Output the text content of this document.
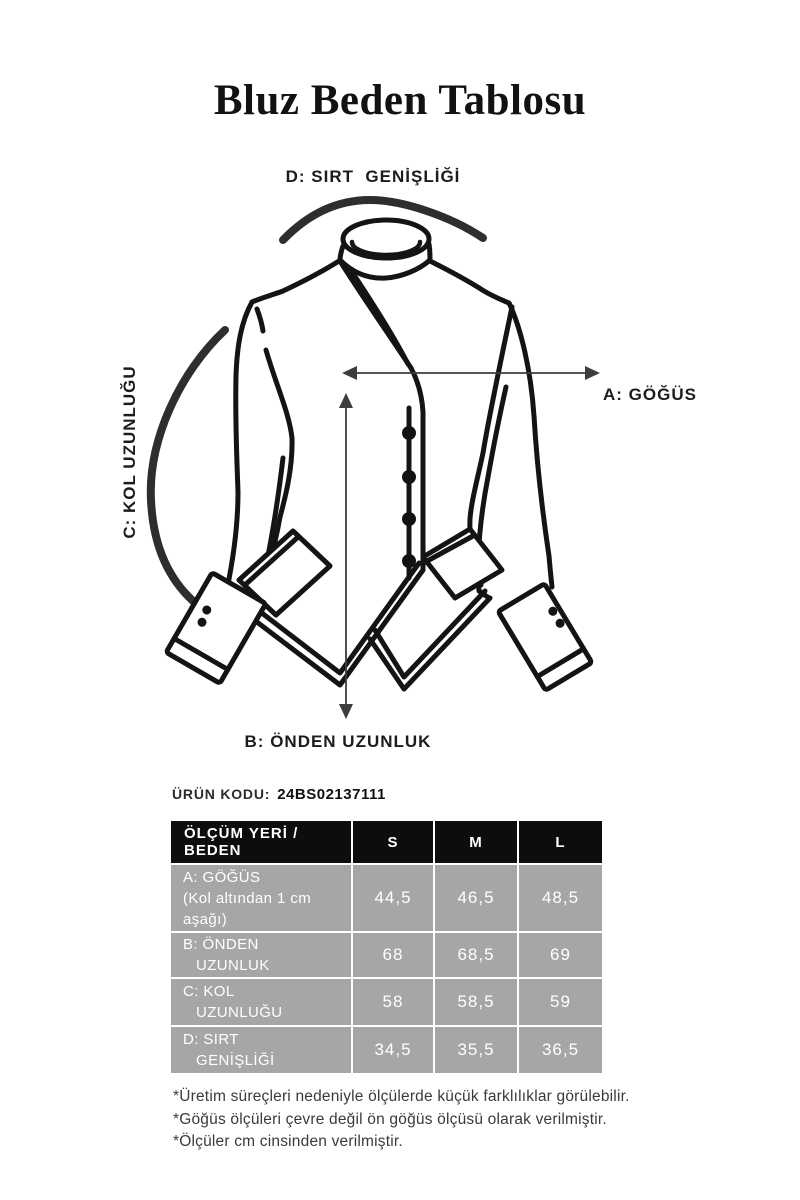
Bluz Beden Tablosu
D: SIRT  GENİŞLİĞİ
A: GÖĞÜS
C: KOL UZUNLUĞU
B: ÖNDEN UZUNLUK
ÜRÜN KODU: 24BS02137111
ÖLÇÜM YERİ / BEDEN	S	M	L
A: GÖĞÜS
(Kol altından 1 cm aşağı)
44,5	46,5	48,5
B: ÖNDEN
UZUNLUK
68	68,5	69
C: KOL
UZUNLUĞU
58	58,5	59
D: SIRT
GENİŞLİĞİ
34,5	35,5	36,5
*Üretim süreçleri nedeniyle ölçülerde küçük farklılıklar görülebilir.
*Göğüs ölçüleri çevre değil ön göğüs ölçüsü olarak verilmiştir.
*Ölçüler cm cinsinden verilmiştir.
